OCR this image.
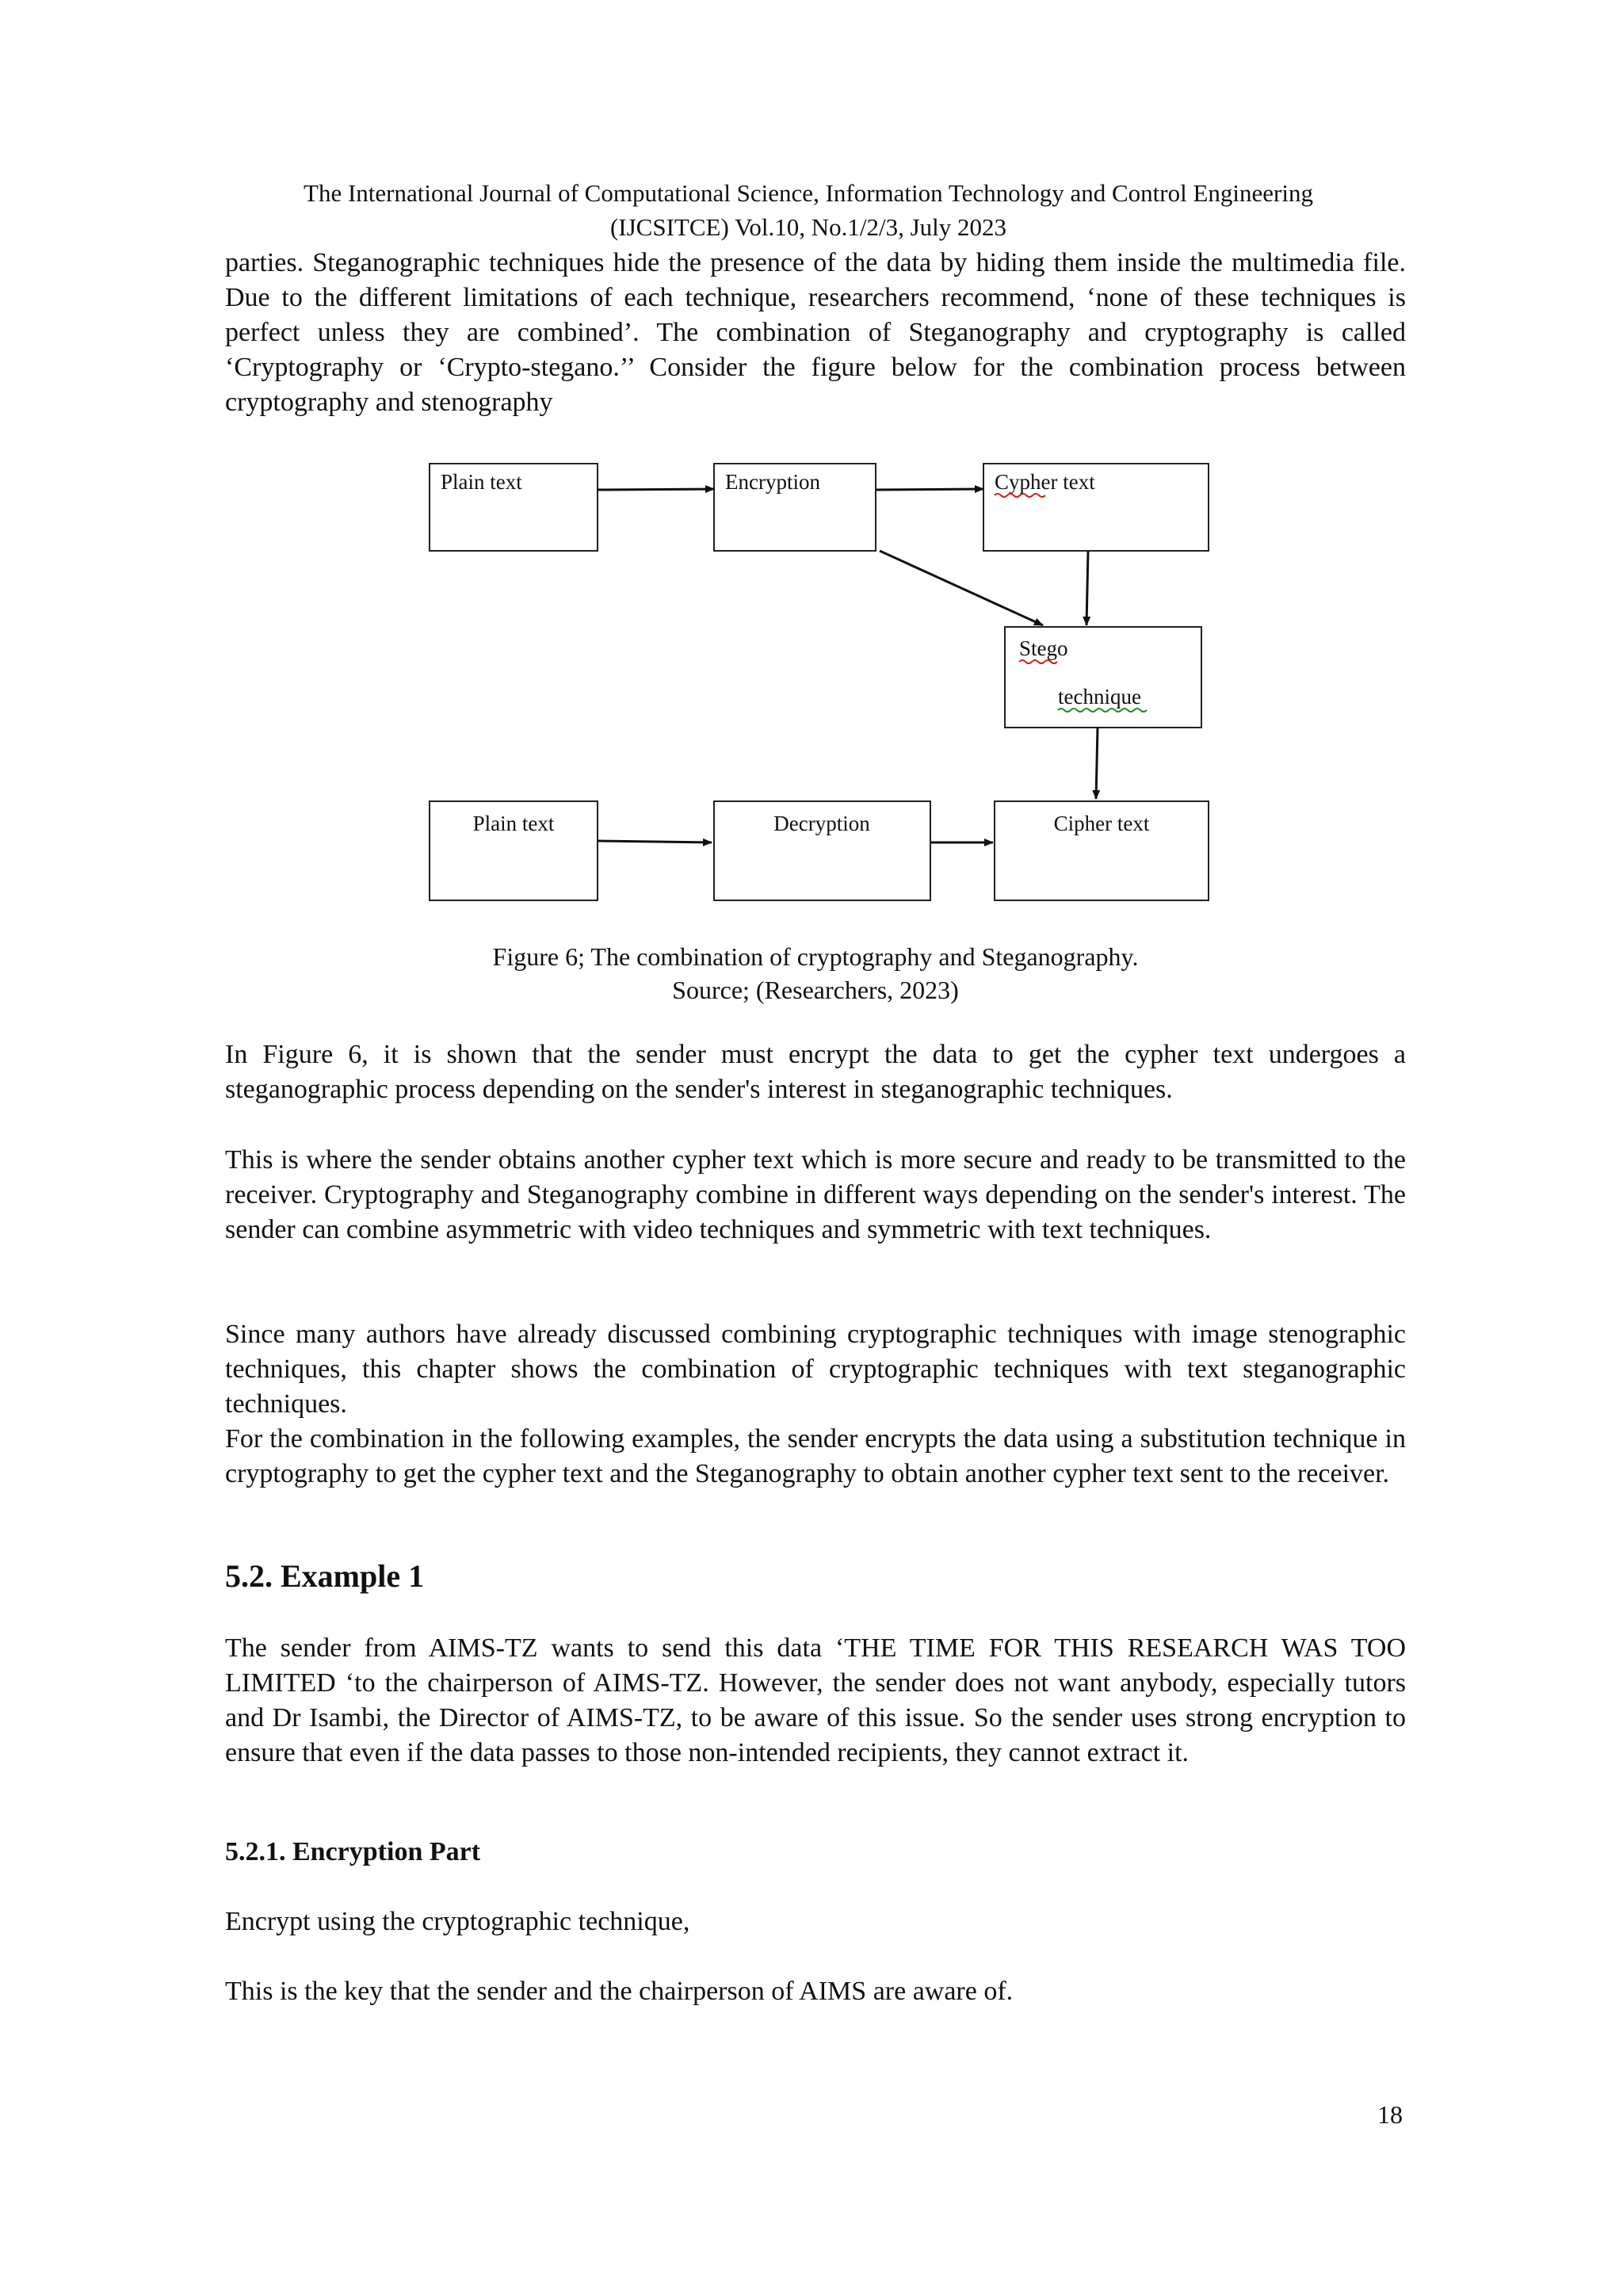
The International Journal of Computational Science, Information Technology and Control Engineering
(IJCSITCE) Vol.10, No.1/2/3, July 2023

parties. Steganographic techniques hide the presence of the data by hiding them inside the multimedia file. Due to the different limitations of each technique, researchers recommend, ‘none of these techniques is perfect unless they are combined’. The combination of Steganography and cryptography is called ‘Cryptography or ‘Crypto-stegano.’’ Consider the figure below for the combination process between cryptography and stenography

Plain text	Encryption	Cypher text
Stego
technique
Plain text	Decryption	Cipher text
Figure 6; The combination of cryptography and Steganography.
Source; (Researchers, 2023)

In Figure 6, it is shown that the sender must encrypt the data to get the cypher text undergoes a steganographic process depending on the sender's interest in steganographic techniques.

This is where the sender obtains another cypher text which is more secure and ready to be transmitted to the receiver. Cryptography and Steganography combine in different ways depending on the sender's interest. The sender can combine asymmetric with video techniques and symmetric with text techniques.

Since many authors have already discussed combining cryptographic techniques with image stenographic techniques, this chapter shows the combination of cryptographic techniques with text steganographic techniques.

For the combination in the following examples, the sender encrypts the data using a substitution technique in cryptography to get the cypher text and the Steganography to obtain another cypher text sent to the receiver.

5.2. Example 1

The sender from AIMS-TZ wants to send this data ‘THE TIME FOR THIS RESEARCH WAS TOO LIMITED ‘to the chairperson of AIMS-TZ. However, the sender does not want anybody, especially tutors and Dr Isambi, the Director of AIMS-TZ, to be aware of this issue. So the sender uses strong encryption to ensure that even if the data passes to those non-intended recipients, they cannot extract it.

5.2.1. Encryption Part

Encrypt using the cryptographic technique,

This is the key that the sender and the chairperson of AIMS are aware of.

18
